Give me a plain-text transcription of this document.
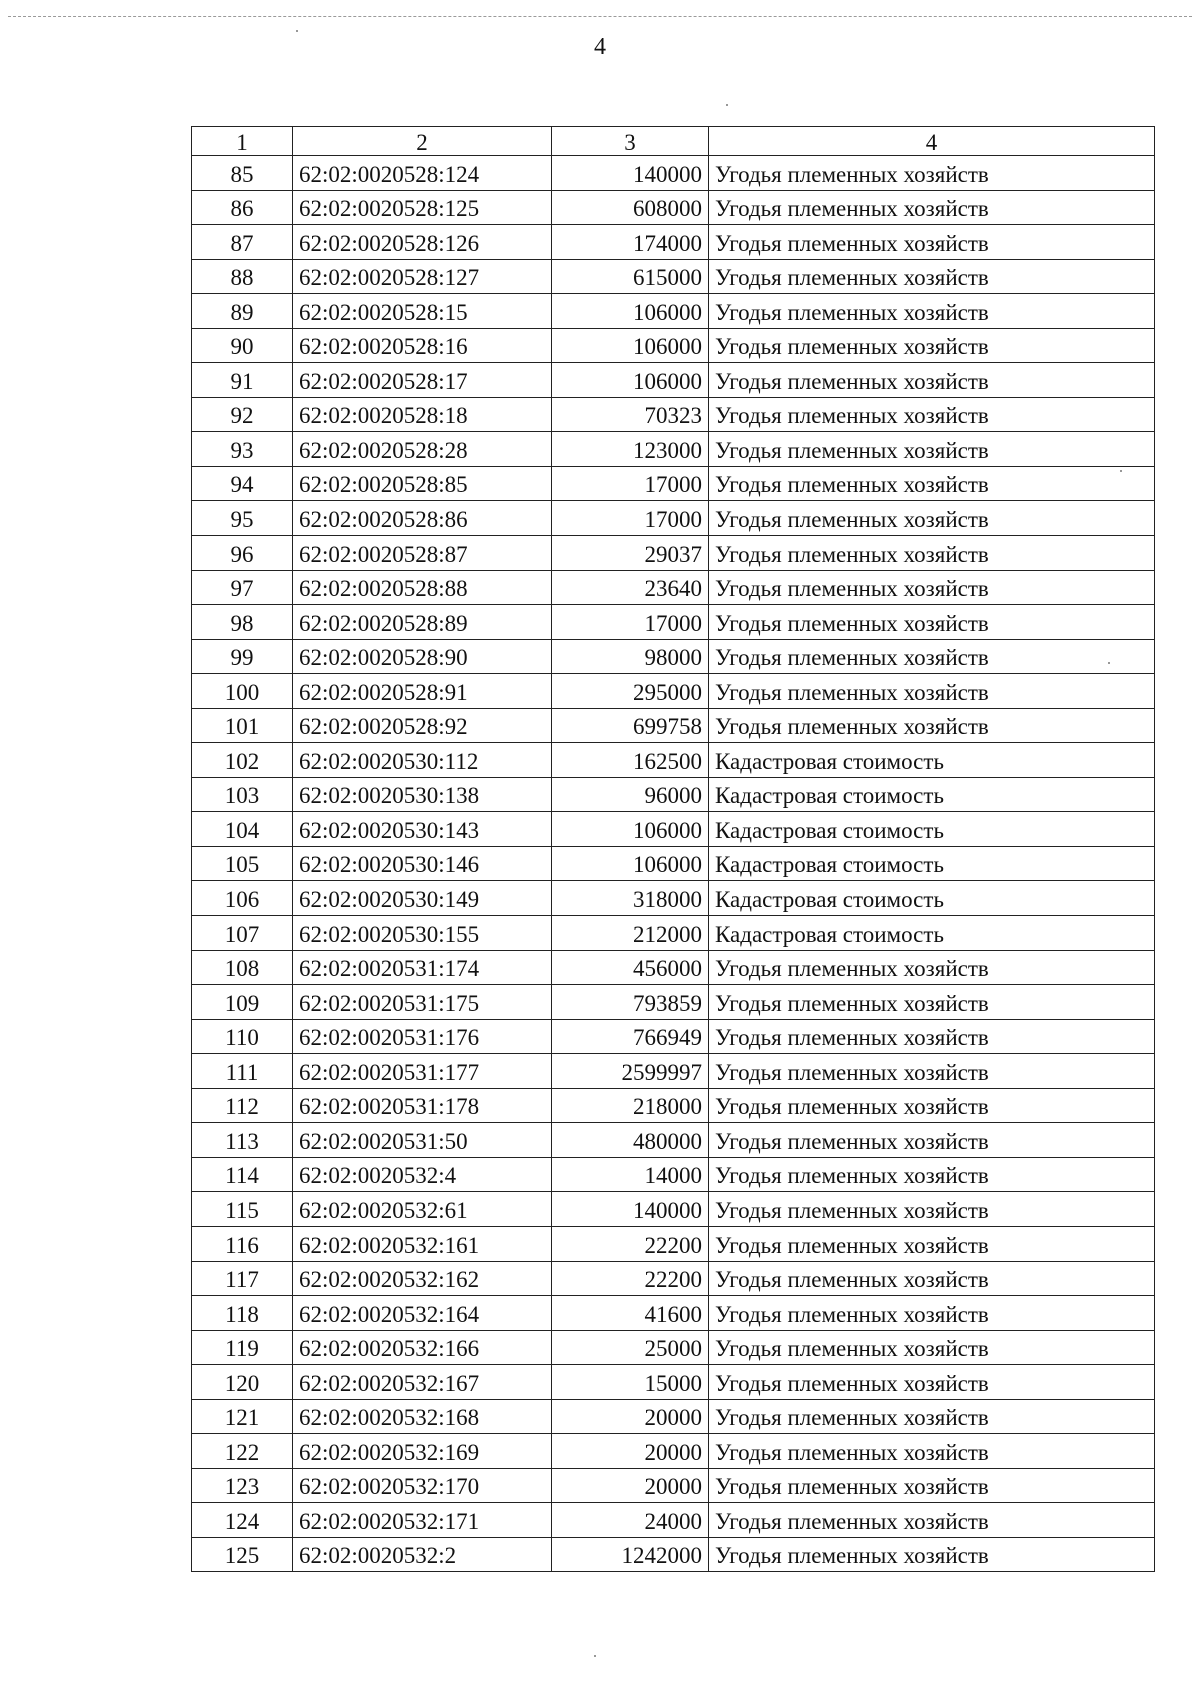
4
1	2	3	4
85	62:02:0020528:124	140000	Угодья племенных хозяйств
86	62:02:0020528:125	608000	Угодья племенных хозяйств
87	62:02:0020528:126	174000	Угодья племенных хозяйств
88	62:02:0020528:127	615000	Угодья племенных хозяйств
89	62:02:0020528:15	106000	Угодья племенных хозяйств
90	62:02:0020528:16	106000	Угодья племенных хозяйств
91	62:02:0020528:17	106000	Угодья племенных хозяйств
92	62:02:0020528:18	70323	Угодья племенных хозяйств
93	62:02:0020528:28	123000	Угодья племенных хозяйств
94	62:02:0020528:85	17000	Угодья племенных хозяйств
95	62:02:0020528:86	17000	Угодья племенных хозяйств
96	62:02:0020528:87	29037	Угодья племенных хозяйств
97	62:02:0020528:88	23640	Угодья племенных хозяйств
98	62:02:0020528:89	17000	Угодья племенных хозяйств
99	62:02:0020528:90	98000	Угодья племенных хозяйств
100	62:02:0020528:91	295000	Угодья племенных хозяйств
101	62:02:0020528:92	699758	Угодья племенных хозяйств
102	62:02:0020530:112	162500	Кадастровая стоимость
103	62:02:0020530:138	96000	Кадастровая стоимость
104	62:02:0020530:143	106000	Кадастровая стоимость
105	62:02:0020530:146	106000	Кадастровая стоимость
106	62:02:0020530:149	318000	Кадастровая стоимость
107	62:02:0020530:155	212000	Кадастровая стоимость
108	62:02:0020531:174	456000	Угодья племенных хозяйств
109	62:02:0020531:175	793859	Угодья племенных хозяйств
110	62:02:0020531:176	766949	Угодья племенных хозяйств
111	62:02:0020531:177	2599997	Угодья племенных хозяйств
112	62:02:0020531:178	218000	Угодья племенных хозяйств
113	62:02:0020531:50	480000	Угодья племенных хозяйств
114	62:02:0020532:4	14000	Угодья племенных хозяйств
115	62:02:0020532:61	140000	Угодья племенных хозяйств
116	62:02:0020532:161	22200	Угодья племенных хозяйств
117	62:02:0020532:162	22200	Угодья племенных хозяйств
118	62:02:0020532:164	41600	Угодья племенных хозяйств
119	62:02:0020532:166	25000	Угодья племенных хозяйств
120	62:02:0020532:167	15000	Угодья племенных хозяйств
121	62:02:0020532:168	20000	Угодья племенных хозяйств
122	62:02:0020532:169	20000	Угодья племенных хозяйств
123	62:02:0020532:170	20000	Угодья племенных хозяйств
124	62:02:0020532:171	24000	Угодья племенных хозяйств
125	62:02:0020532:2	1242000	Угодья племенных хозяйств
